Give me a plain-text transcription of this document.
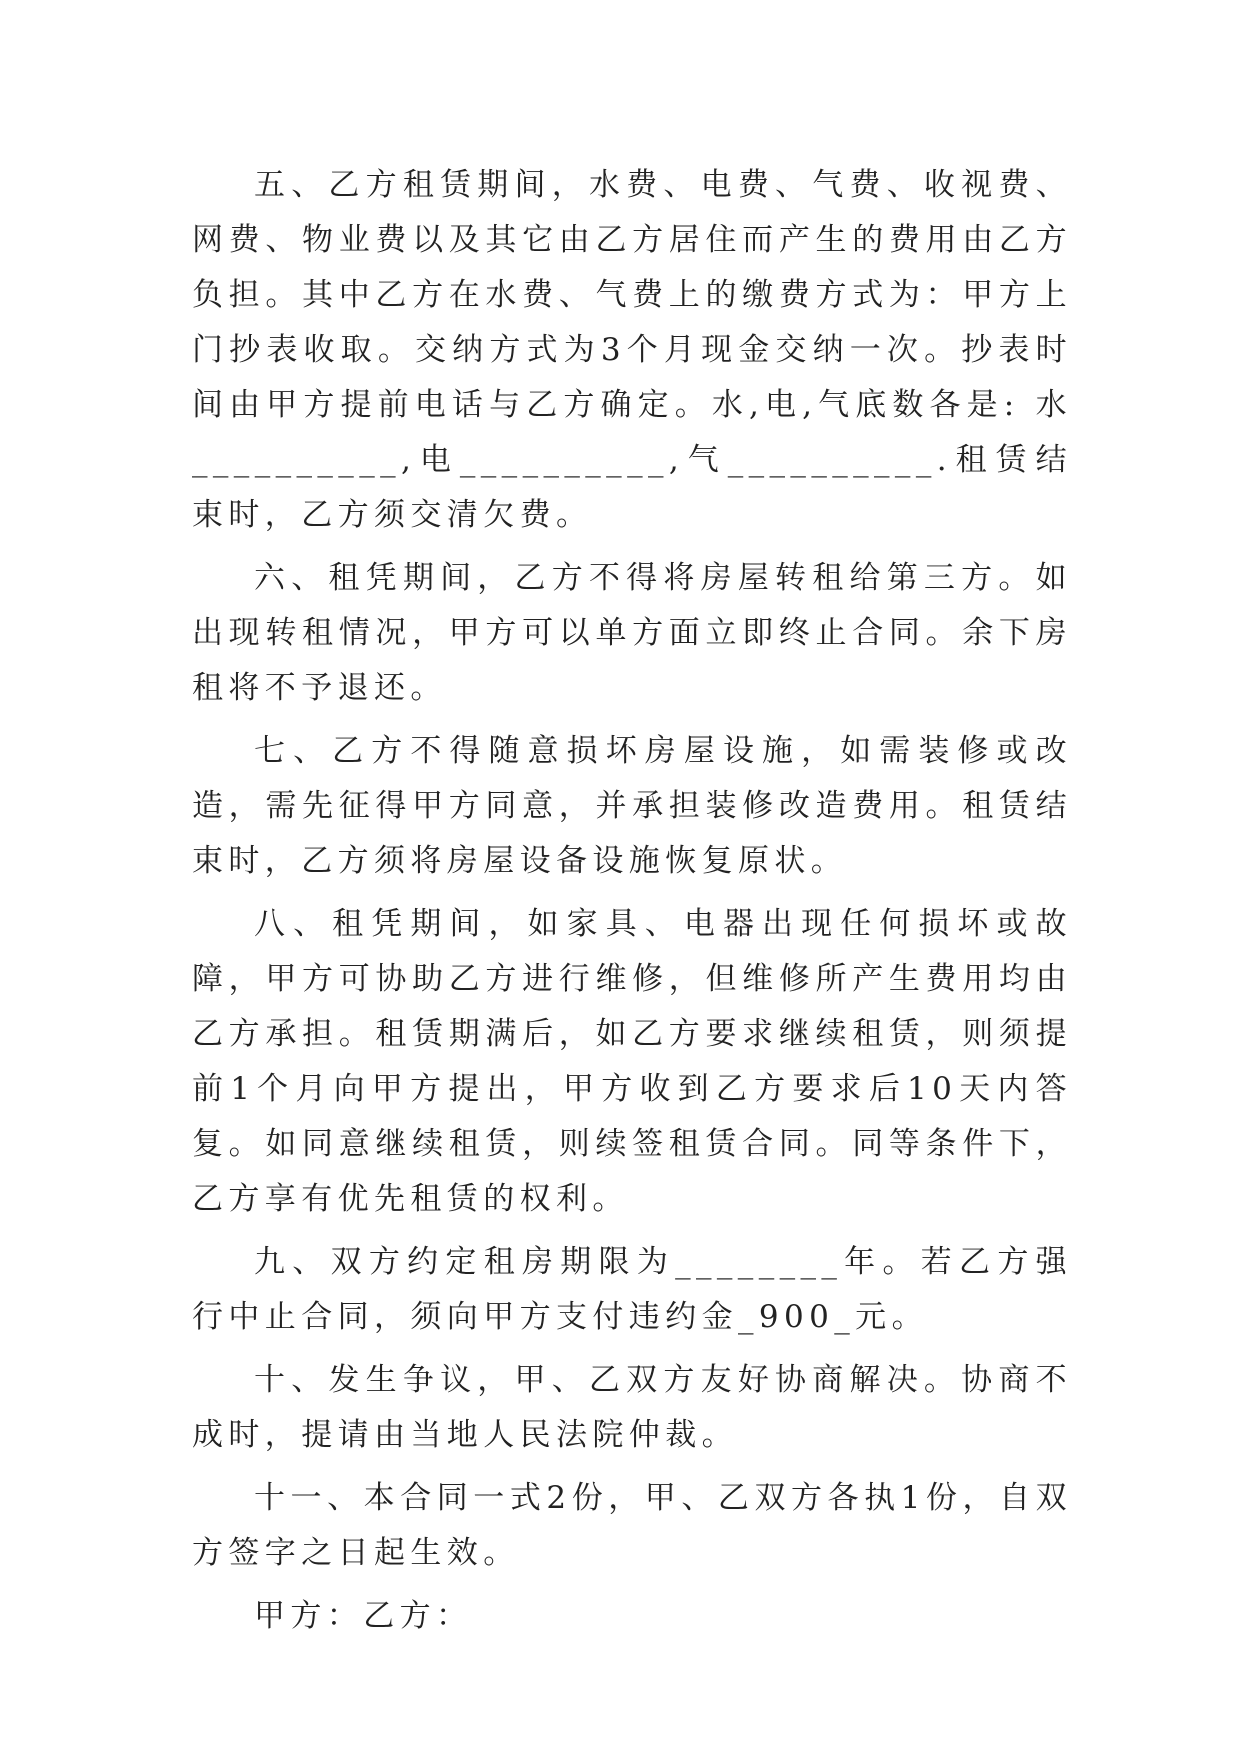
五、乙方租赁期间，水费、电费、气费、收视费、网费、物业费以及其它由乙方居住而产生的费用由乙方负担。其中乙方在水费、气费上的缴费方式为：甲方上门抄表收取。交纳方式为3个月现金交纳一次。抄表时间由甲方提前电话与乙方确定。水,电,气底数各是: 水__________,电__________,气__________.租赁结束时，乙方须交清欠费。

六、租凭期间，乙方不得将房屋转租给第三方。如出现转租情况，甲方可以单方面立即终止合同。余下房租将不予退还。

七、乙方不得随意损坏房屋设施，如需装修或改造，需先征得甲方同意，并承担装修改造费用。租赁结束时，乙方须将房屋设备设施恢复原状。

八、租凭期间，如家具、电器出现任何损坏或故障，甲方可协助乙方进行维修，但维修所产生费用均由乙方承担。租赁期满后，如乙方要求继续租赁，则须提前1个月向甲方提出，甲方收到乙方要求后10天内答复。如同意继续租赁，则续签租赁合同。同等条件下，乙方享有优先租赁的权利。

九、双方约定租房期限为________年。若乙方强行中止合同，须向甲方支付违约金_900_元。

十、发生争议，甲、乙双方友好协商解决。协商不成时，提请由当地人民法院仲裁。

十一、本合同一式2份，甲、乙双方各执1份，自双方签字之日起生效。

甲方：乙方：
